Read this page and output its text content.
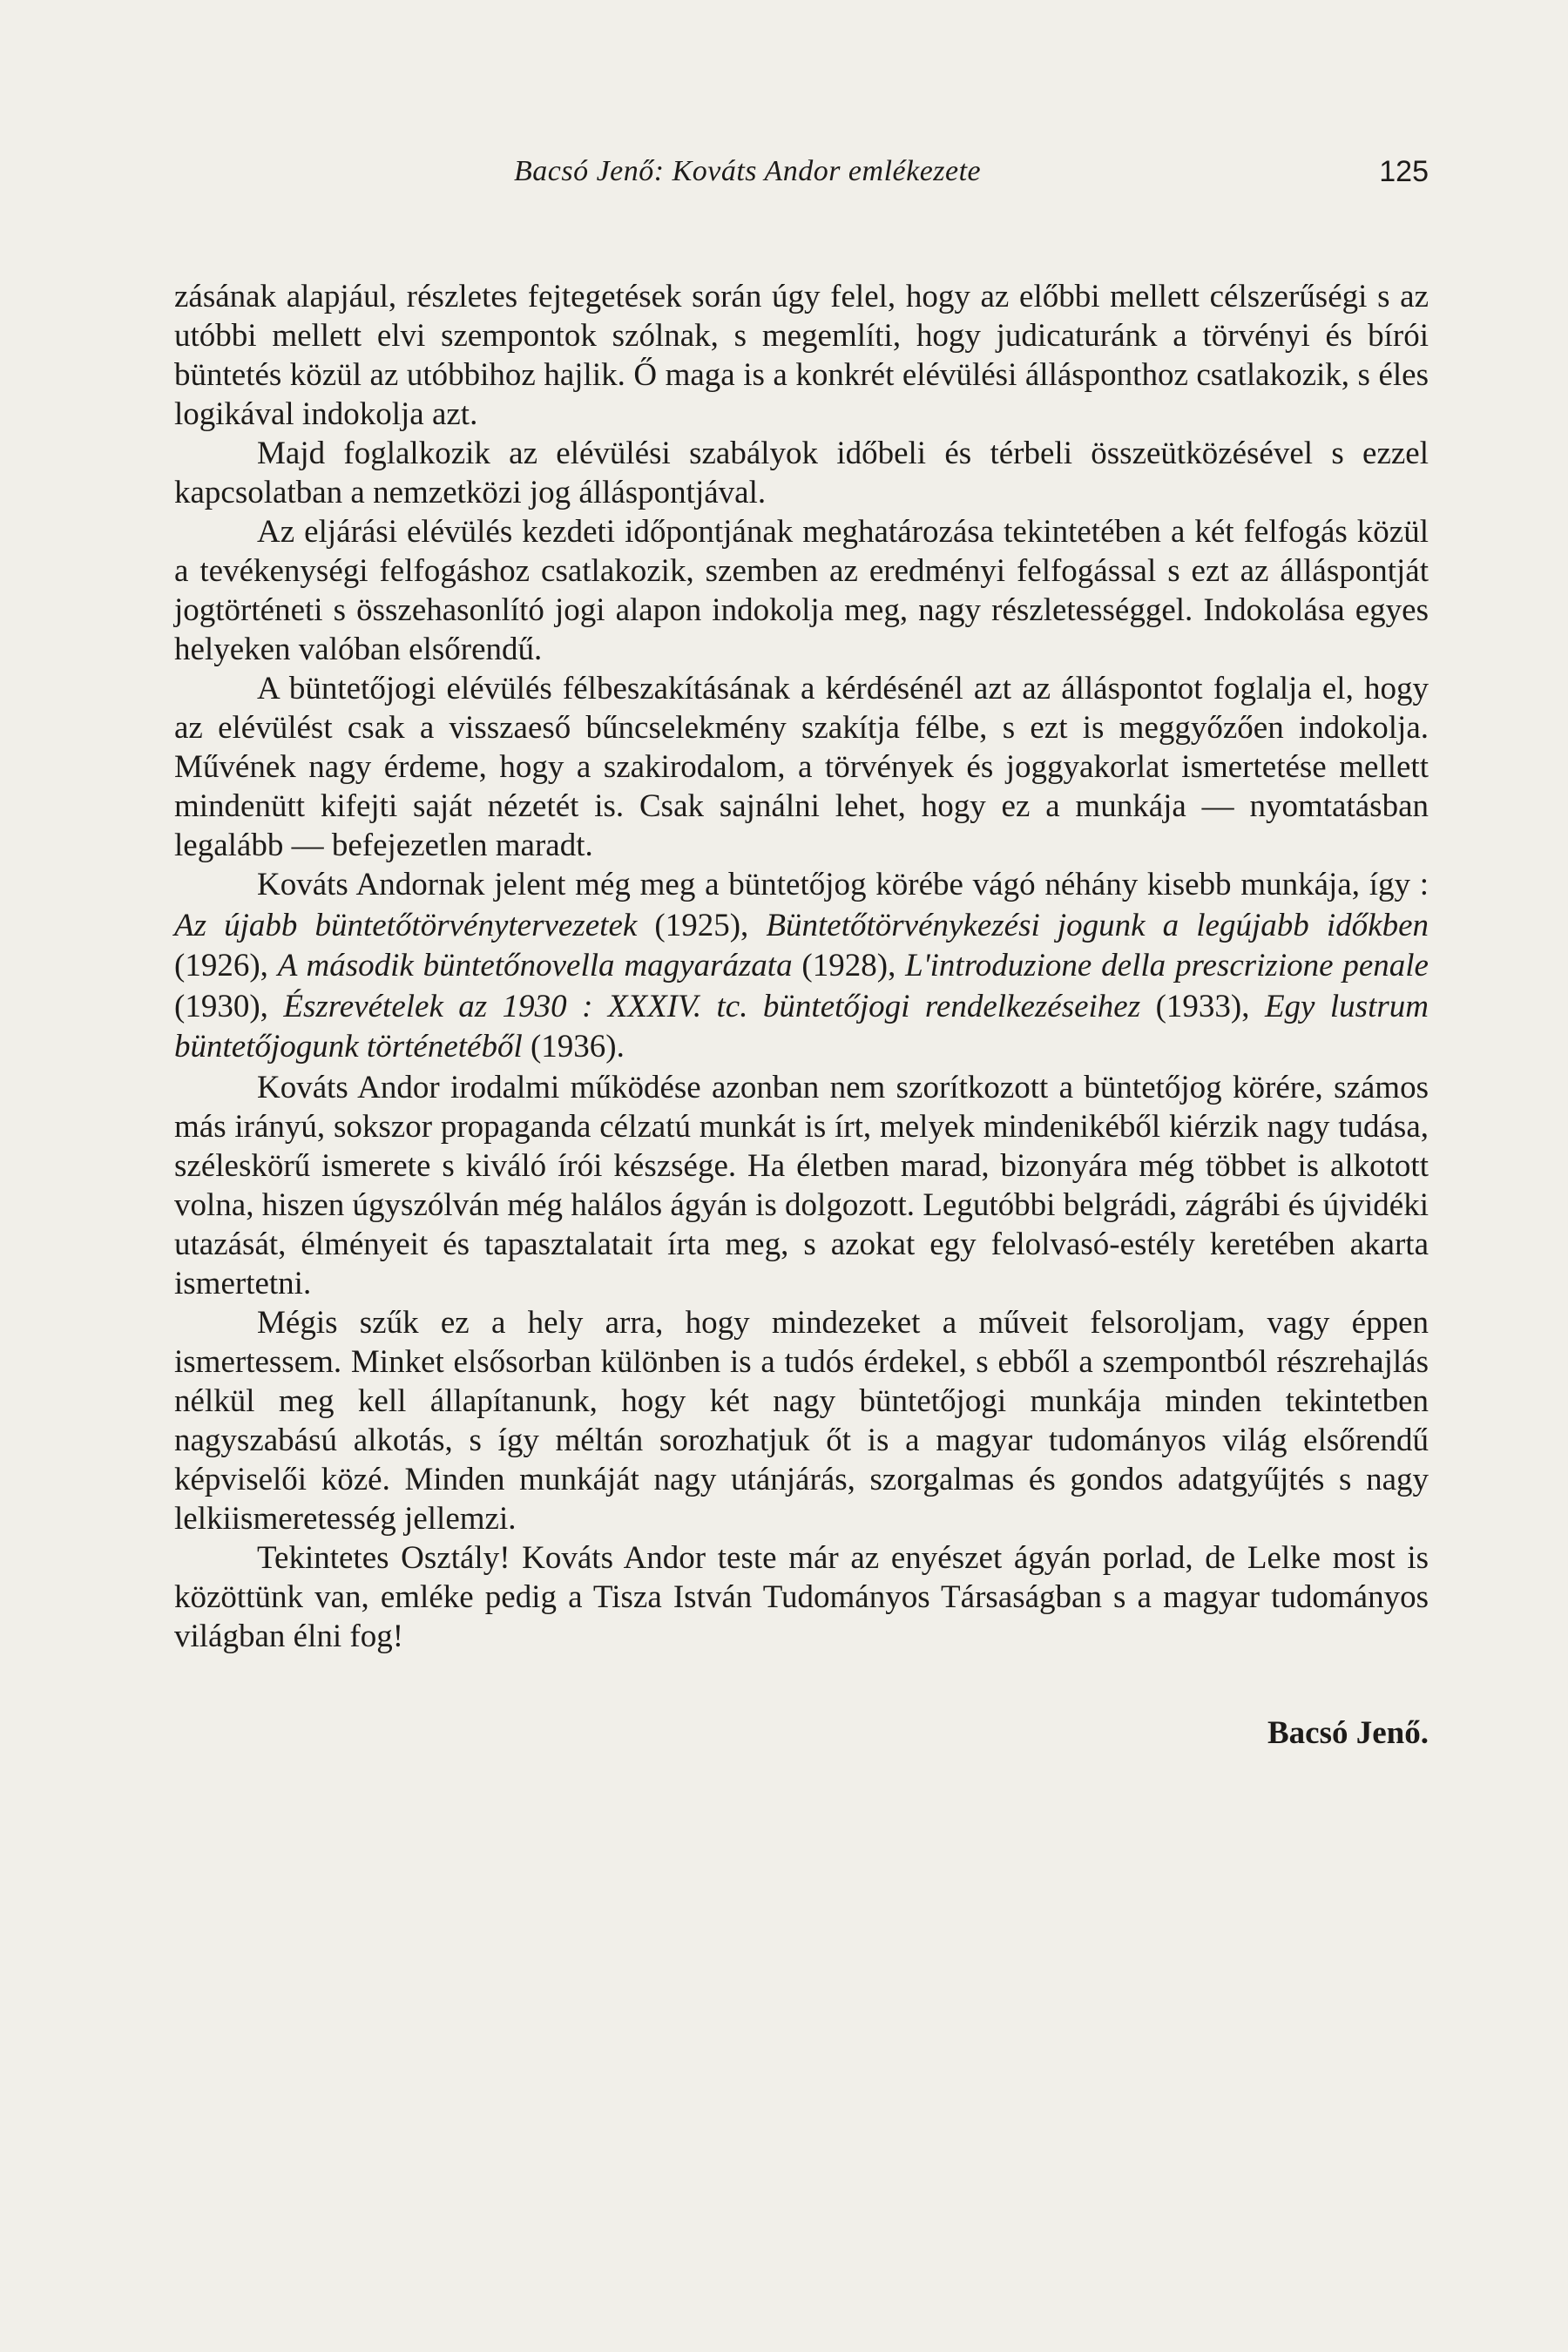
Bacsó Jenő: Kováts Andor emlékezete	125

zásának alapjául, részletes fejtegetések során úgy felel, hogy az előbbi mellett célszerűségi s az utóbbi mellett elvi szempontok szólnak, s megemlíti, hogy judicaturánk a törvényi és bírói büntetés közül az utóbbihoz hajlik. Ő maga is a konkrét elévülési állásponthoz csatlakozik, s éles logikával indokolja azt.

Majd foglalkozik az elévülési szabályok időbeli és térbeli összeütközésével s ezzel kapcsolatban a nemzetközi jog álláspontjával.

Az eljárási elévülés kezdeti időpontjának meghatározása tekintetében a két felfogás közül a tevékenységi felfogáshoz csatlakozik, szemben az eredményi felfogással s ezt az álláspontját jogtörténeti s összehasonlító jogi alapon indokolja meg, nagy részletességgel. Indokolása egyes helyeken valóban elsőrendű.

A büntetőjogi elévülés félbeszakításának a kérdésénél azt az álláspontot foglalja el, hogy az elévülést csak a visszaeső bűncselekmény szakítja félbe, s ezt is meggyőzően indokolja. Művének nagy érdeme, hogy a szakirodalom, a törvények és joggyakorlat ismertetése mellett mindenütt kifejti saját nézetét is. Csak sajnálni lehet, hogy ez a munkája — nyomtatásban legalább — befejezetlen maradt.

Kováts Andornak jelent még meg a büntetőjog körébe vágó néhány kisebb munkája, így : Az újabb büntetőtörvénytervezetek (1925), Büntetőtörvénykezési jogunk a legújabb időkben (1926), A második büntetőnovella magyarázata (1928), L'introduzione della prescrizione penale (1930), Észrevételek az 1930 : XXXIV. tc. büntetőjogi rendelkezéseihez (1933), Egy lustrum büntetőjogunk történetéből (1936).

Kováts Andor irodalmi működése azonban nem szorítkozott a büntetőjog körére, számos más irányú, sokszor propaganda célzatú munkát is írt, melyek mindenikéből kiérzik nagy tudása, széleskörű ismerete s kiváló írói készsége. Ha életben marad, bizonyára még többet is alkotott volna, hiszen úgyszólván még halálos ágyán is dolgozott. Legutóbbi belgrádi, zágrábi és újvidéki utazását, élményeit és tapasztalatait írta meg, s azokat egy felolvasó-estély keretében akarta ismertetni.

Mégis szűk ez a hely arra, hogy mindezeket a műveit felsoroljam, vagy éppen ismertessem. Minket elsősorban különben is a tudós érdekel, s ebből a szempontból részrehajlás nélkül meg kell állapítanunk, hogy két nagy büntetőjogi munkája minden tekintetben nagyszabású alkotás, s így méltán sorozhatjuk őt is a magyar tudományos világ elsőrendű képviselői közé. Minden munkáját nagy utánjárás, szorgalmas és gondos adatgyűjtés s nagy lelkiismeretesség jellemzi.

Tekintetes Osztály! Kováts Andor teste már az enyészet ágyán porlad, de Lelke most is közöttünk van, emléke pedig a Tisza István Tudományos Társaságban s a magyar tudományos világban élni fog!

Bacsó Jenő.
